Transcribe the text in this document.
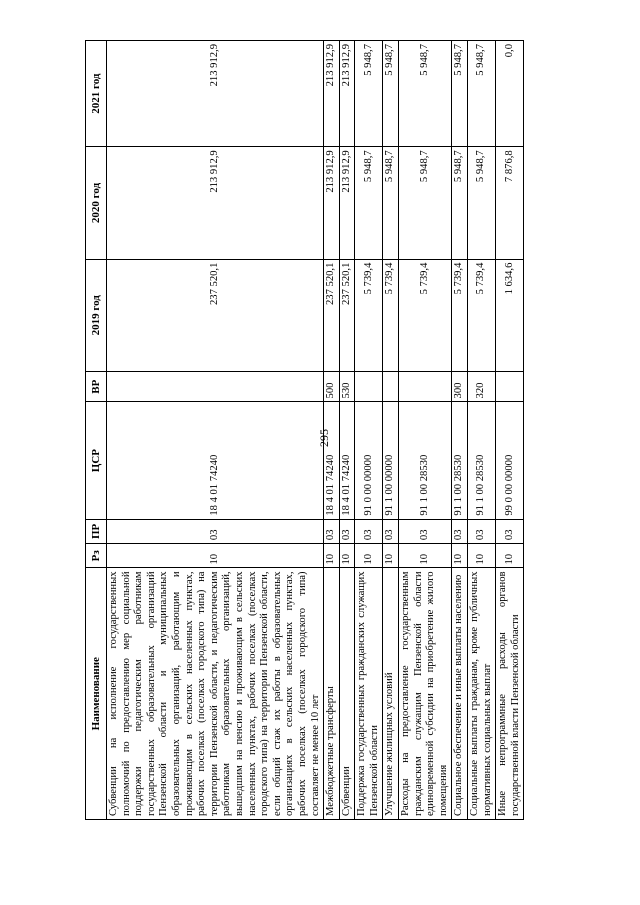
295
Наименование	Рз	ПР	ЦСР	ВР	2019 год	2020 год	2021 год
Субвенции на исполнение государственных полномочий по предоставлению мер социальной поддержки педагогическим работникам государственных образовательных организаций Пензенской области и муниципальных образовательных организаций, работающим и проживающим в сельских населенных пунктах, рабочих поселках (поселках городского типа) на территории Пензенской области, и педагогическим работникам образовательных организаций, вышедшим на пенсию и проживающим в сельских населенных пунктах, рабочих поселках (поселках городского типа) на территории Пензенской области, если общий стаж их работы в образовательных организациях в сельских населенных пунктах, рабочих поселках (поселках городского типа) составляет не менее 10 лет	10	03	18 4 01 74240		237 520,1	213 912,9	213 912,9
Межбюджетные трансферты	10	03	18 4 01 74240	500	237 520,1	213 912,9	213 912,9
Субвенции	10	03	18 4 01 74240	530	237 520,1	213 912,9	213 912,9
Поддержка государственных гражданских служащих Пензенской области	10	03	91 0 00 00000		5 739,4	5 948,7	5 948,7
Улучшение жилищных условий	10	03	91 1 00 00000		5 739,4	5 948,7	5 948,7
Расходы на предоставление государственным гражданским служащим Пензенской области единовременной субсидии на приобретение жилого помещения	10	03	91 1 00 28530		5 739,4	5 948,7	5 948,7
Социальное обеспечение и иные выплаты населению	10	03	91 1 00 28530	300	5 739,4	5 948,7	5 948,7
Социальные выплаты гражданам, кроме публичных нормативных социальных выплат	10	03	91 1 00 28530	320	5 739,4	5 948,7	5 948,7
Иные непрограммные расходы органов государственной власти Пензенской области	10	03	99 0 00 00000		1 634,6	7 876,8	0,0
